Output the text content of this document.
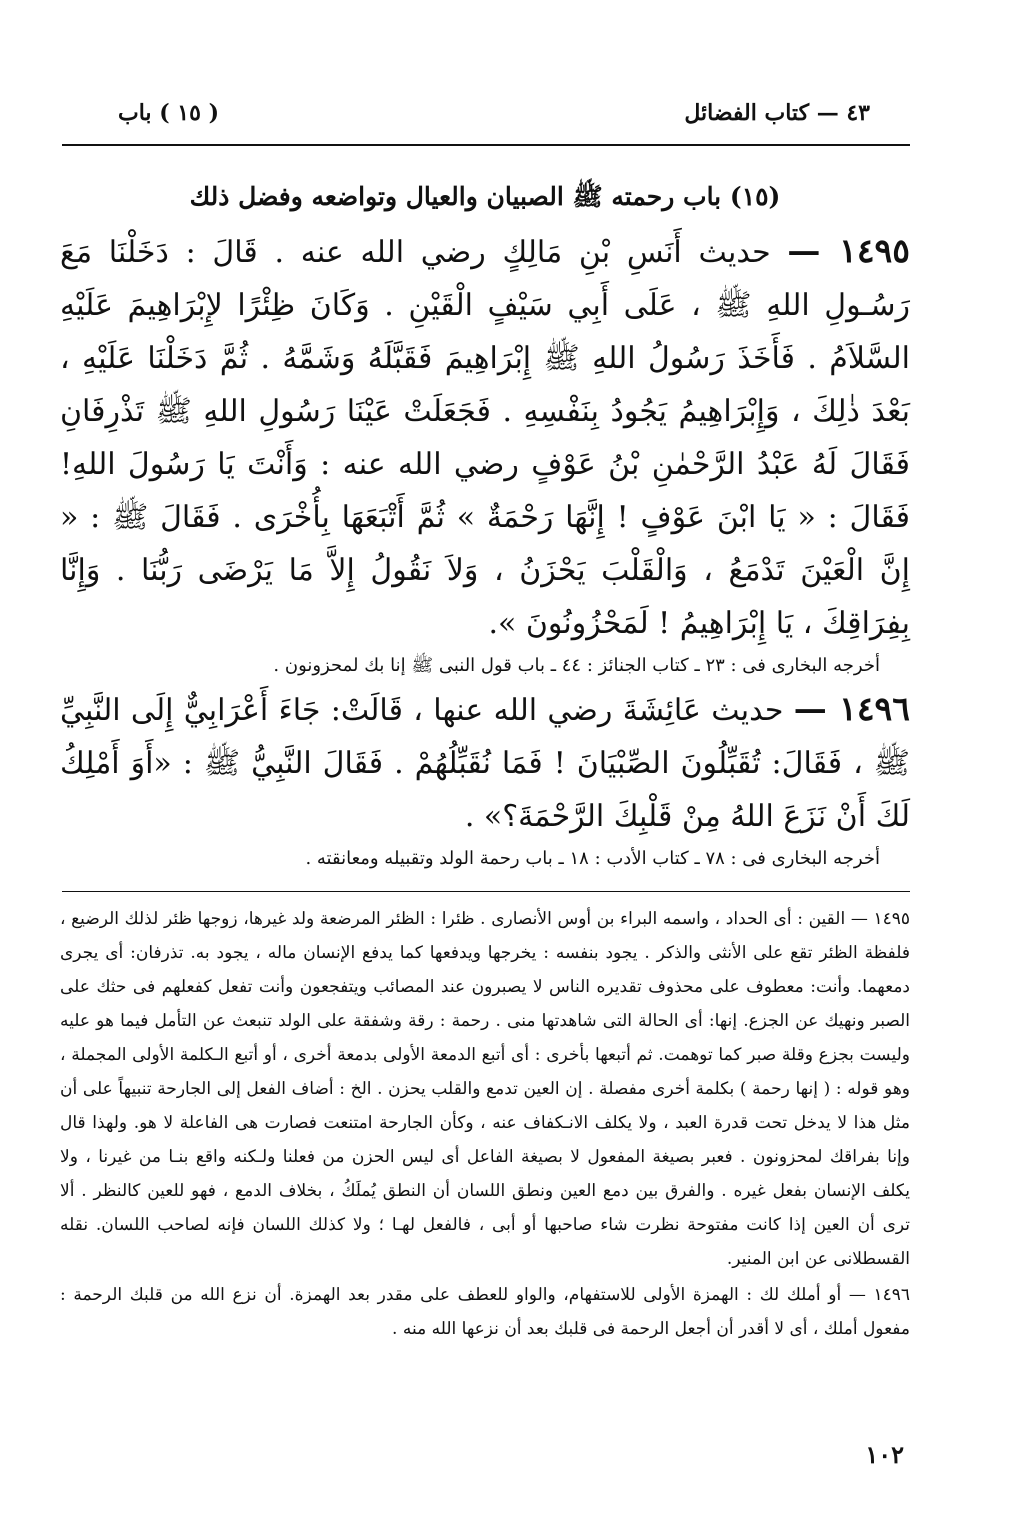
٤٣ — كتاب الفضائل
( ١٥ ) باب
(١٥) باب رحمته ﷺ الصبيان والعيال وتواضعه وفضل ذلك
١٤٩٥ — حديث أَنَسِ بْنِ مَالِكٍ رضي الله عنه . قَالَ : دَخَلْنَا مَعَ رَسُـولِ اللهِ ﷺ ، عَلَى أَبِي سَيْفٍ الْقَيْنِ . وَكَانَ ظِئْرًا لإِبْرَاهِيمَ عَلَيْهِ السَّلاَمُ . فَأَخَذَ رَسُولُ اللهِ ﷺ إِبْرَاهِيمَ فَقَبَّلَهُ وَشَمَّهُ . ثُمَّ دَخَلْنَا عَلَيْهِ ، بَعْدَ ذٰلِكَ ، وَإِبْرَاهِيمُ يَجُودُ بِنَفْسِهِ . فَجَعَلَتْ عَيْنَا رَسُولِ اللهِ ﷺ تَذْرِفَانِ فَقَالَ لَهُ عَبْدُ الرَّحْمٰنِ بْنُ عَوْفٍ رضي الله عنه : وَأَنْتَ يَا رَسُولَ اللهِ! فَقَالَ : « يَا ابْنَ عَوْفٍ ! إِنَّهَا رَحْمَةٌ » ثُمَّ أَتْبَعَهَا بِأُخْرَى . فَقَالَ ﷺ : « إِنَّ الْعَيْنَ تَدْمَعُ ، وَالْقَلْبَ يَحْزَنُ ، وَلاَ نَقُولُ إِلاَّ مَا يَرْضَى رَبُّنَا . وَإِنَّا بِفِرَاقِكَ ، يَا إِبْرَاهِيمُ ! لَمَحْزُونُونَ ».
أخرجه البخارى فى : ٢٣ ـ كتاب الجنائز : ٤٤ ـ باب قول النبى ﷺ إنا بك لمحزونون .
١٤٩٦ — حديث عَائِشَةَ رضي الله عنها ، قَالَتْ: جَاءَ أَعْرَابِيٌّ إِلَى النَّبِيِّ ﷺ ، فَقَالَ: تُقَبِّلُونَ الصِّبْيَانَ ! فَمَا نُقَبِّلُهُمْ . فَقَالَ النَّبِيُّ ﷺ : «أَوَ أَمْلِكُ لَكَ أَنْ نَزَعَ اللهُ مِنْ قَلْبِكَ الرَّحْمَةَ؟» .
أخرجه البخارى فى : ٧٨ ـ كتاب الأدب : ١٨ ـ باب رحمة الولد وتقبيله ومعانقته .

١٤٩٥ — القين : أى الحداد ، واسمه البراء بن أوس الأنصارى . ظئرا : الظئر المرضعة ولد غيرها، زوجها ظئر لذلك الرضيع ، فلفظة الظئر تقع على الأنثى والذكر . يجود بنفسه : يخرجها ويدفعها كما يدفع الإنسان ماله ، يجود به. تذرفان: أى يجرى دمعهما. وأنت: معطوف على محذوف تقديره الناس لا يصبرون عند المصائب ويتفجعون وأنت تفعل كفعلهم فى حثك على الصبر ونهيك عن الجزع. إنها: أى الحالة التى شاهدتها منى . رحمة : رقة وشفقة على الولد تنبعث عن التأمل فيما هو عليه وليست بجزع وقلة صبر كما توهمت. ثم أتبعها بأخرى : أى أتبع الدمعة الأولى بدمعة أخرى ، أو أتبع الـكلمة الأولى المجملة ، وهو قوله : ( إنها رحمة ) بكلمة أخرى مفصلة . إن العين تدمع والقلب يحزن . الخ : أضاف الفعل إلى الجارحة تنبيهاً على أن مثل هذا لا يدخل تحت قدرة العبد ، ولا يكلف الانـكفاف عنه ، وكأن الجارحة امتنعت فصارت هى الفاعلة لا هو. ولهذا قال وإنا بفراقك لمحزونون . فعبر بصيغة المفعول لا بصيغة الفاعل أى ليس الحزن من فعلنا ولـكنه واقع بنـا من غيرنا ، ولا يكلف الإنسان بفعل غيره . والفرق بين دمع العين ونطق اللسان أن النطق يُملَكُ ، بخلاف الدمع ، فهو للعين كالنظر . ألا ترى أن العين إذا كانت مفتوحة نظرت شاء صاحبها أو أبى ، فالفعل لهـا ؛ ولا كذلك اللسان فإنه لصاحب اللسان. نقله القسطلانى عن ابن المنير.

١٤٩٦ — أو أملك لك : الهمزة الأولى للاستفهام، والواو للعطف على مقدر بعد الهمزة. أن نزع الله من قلبك الرحمة : مفعول أملك ، أى لا أقدر أن أجعل الرحمة فى قلبك بعد أن نزعها الله منه .

١٠٢
